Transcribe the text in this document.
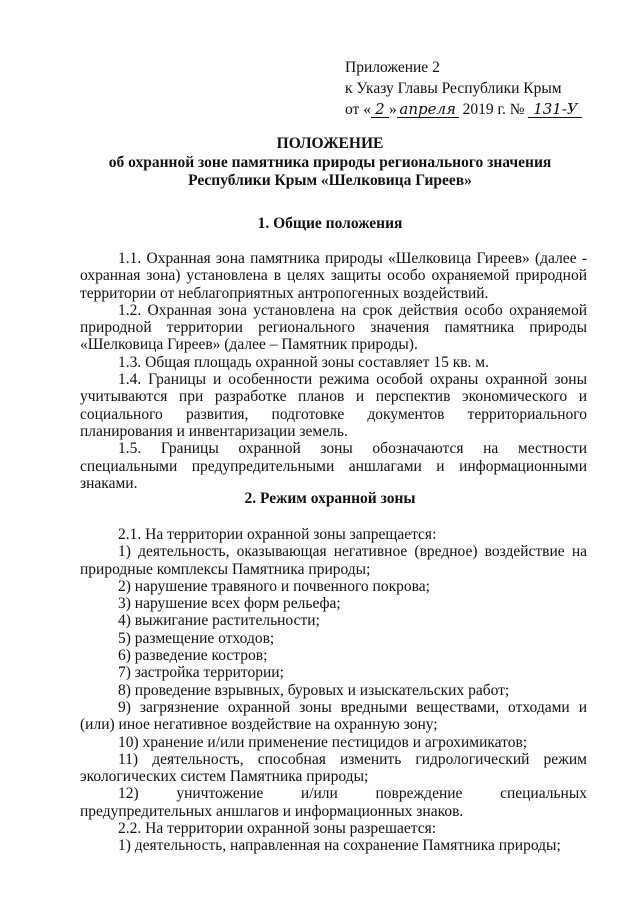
Приложение 2
к Указу Главы Республики Крым
от « 2 » апреля 2019 г. № 131-У
ПОЛОЖЕНИЕ
об охранной зоне памятника природы регионального значения
Республики Крым «Шелковица Гиреев»
1. Общие положения

1.1. Охранная зона памятника природы «Шелковица Гиреев» (далее - охранная зона) установлена в целях защиты особо охраняемой природной территории от неблагоприятных антропогенных воздействий.

1.2. Охранная зона установлена на срок действия особо охраняемой природной территории регионального значения памятника природы «Шелковица Гиреев» (далее – Памятник природы).

1.3. Общая площадь охранной зоны составляет 15 кв. м.

1.4. Границы и особенности режима особой охраны охранной зоны учитываются при разработке планов и перспектив экономического и социального развития, подготовке документов территориального планирования и инвентаризации земель.

1.5. Границы охранной зоны обозначаются на местности специальными предупредительными аншлагами и информационными знаками.

2. Режим охранной зоны

2.1. На территории охранной зоны запрещается:

1) деятельность, оказывающая негативное (вредное) воздействие на природные комплексы Памятника природы;

2) нарушение травяного и почвенного покрова;

3) нарушение всех форм рельефа;

4) выжигание растительности;

5) размещение отходов;

6) разведение костров;

7) застройка территории;

8) проведение взрывных, буровых и изыскательских работ;

9) загрязнение охранной зоны вредными веществами, отходами и (или) иное негативное воздействие на охранную зону;

10) хранение и/или применение пестицидов и агрохимикатов;

11) деятельность, способная изменить гидрологический режим экологических систем Памятника природы;

12) уничтожение и/или повреждение специальных предупредительных аншлагов и информационных знаков.

2.2. На территории охранной зоны разрешается:

1) деятельность, направленная на сохранение Памятника природы;
